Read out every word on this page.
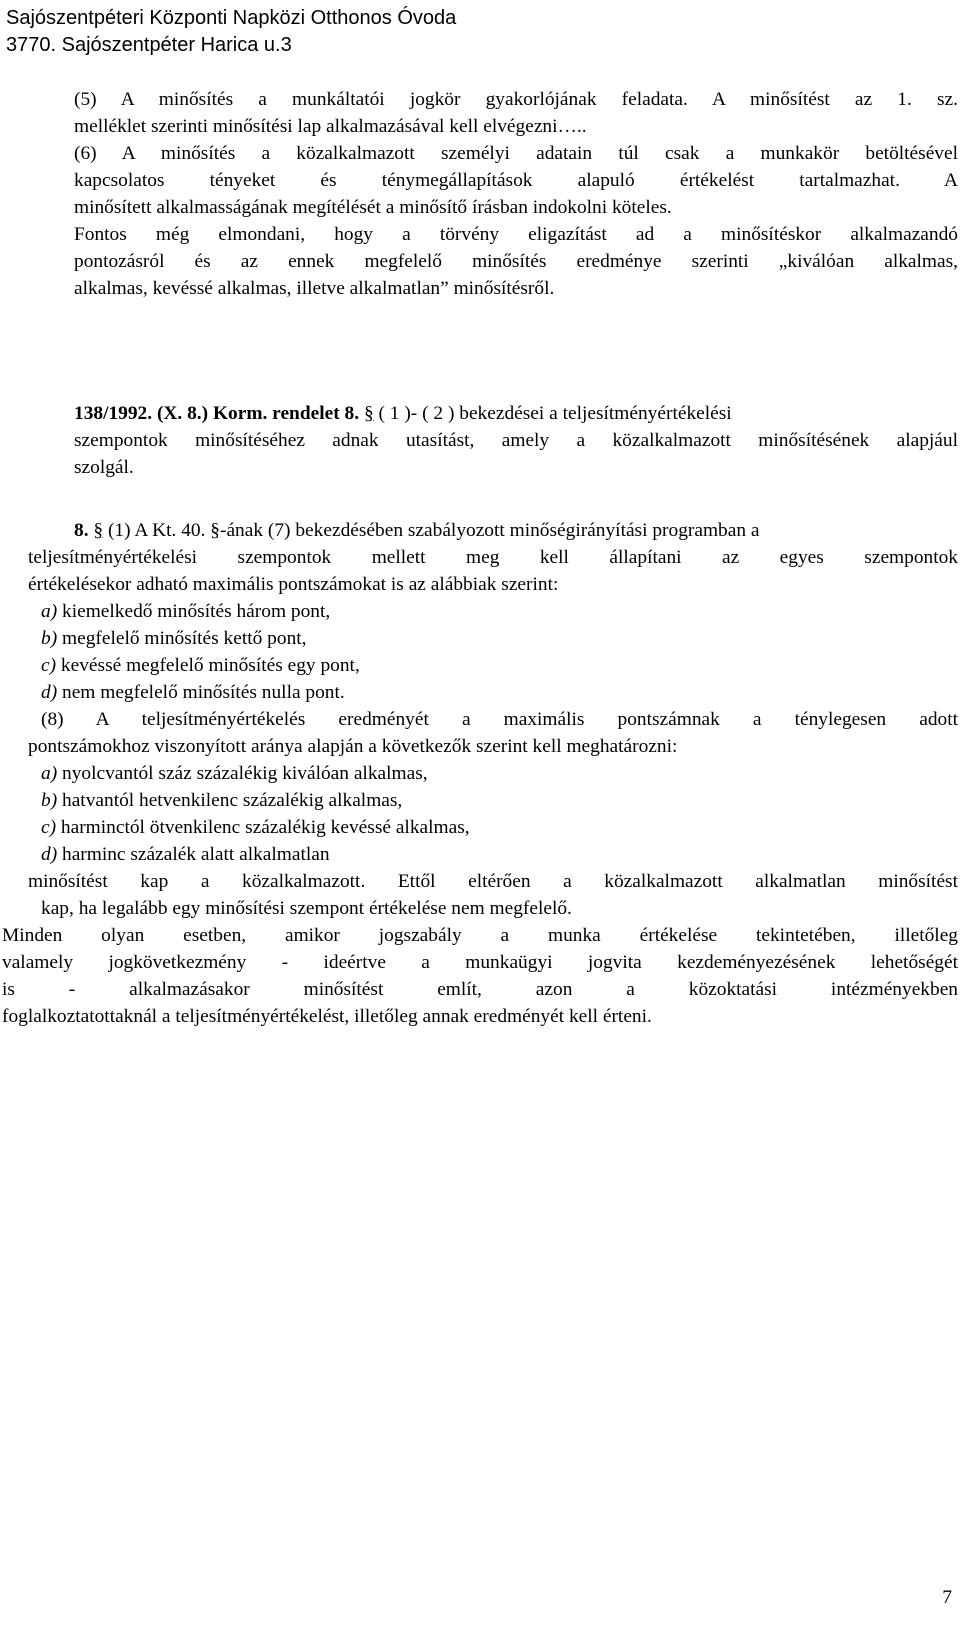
Sajószentpéteri Központi Napközi Otthonos Óvoda
3770. Sajószentpéter Harica u.3
(5) A minősítés a munkáltatói jogkör gyakorlójának feladata. A minősítést az 1. sz.
melléklet szerinti minősítési lap alkalmazásával kell elvégezni…..
(6) A minősítés a közalkalmazott személyi adatain túl csak a munkakör betöltésével
kapcsolatos tényeket és ténymegállapítások alapuló értékelést tartalmazhat. A
minősített alkalmasságának megítélését a minősítő írásban indokolni köteles.
Fontos még elmondani, hogy a törvény eligazítást ad a minősítéskor alkalmazandó
pontozásról és az ennek megfelelő minősítés eredménye szerinti „kiválóan alkalmas,
alkalmas, kevéssé alkalmas, illetve alkalmatlan” minősítésről.
138/1992. (X. 8.) Korm. rendelet 8. § ( 1 )- ( 2 ) bekezdései a teljesítményértékelési
szempontok minősítéséhez adnak utasítást, amely a közalkalmazott minősítésének alapjául
szolgál.
8. § (1) A Kt. 40. §-ának (7) bekezdésében szabályozott minőségirányítási programban a
teljesítményértékelési szempontok mellett meg kell állapítani az egyes szempontok
értékelésekor adható maximális pontszámokat is az alábbiak szerint:
a) kiemelkedő minősítés három pont,
b) megfelelő minősítés kettő pont,
c) kevéssé megfelelő minősítés egy pont,
d) nem megfelelő minősítés nulla pont.
(8) A teljesítményértékelés eredményét a maximális pontszámnak a ténylegesen adott
pontszámokhoz viszonyított aránya alapján a következők szerint kell meghatározni:
a) nyolcvantól száz százalékig kiválóan alkalmas,
b) hatvantól hetvenkilenc százalékig alkalmas,
c) harminctól ötvenkilenc százalékig kevéssé alkalmas,
d) harminc százalék alatt alkalmatlan
minősítést kap a közalkalmazott. Ettől eltérően a közalkalmazott alkalmatlan minősítést
kap, ha legalább egy minősítési szempont értékelése nem megfelelő.
Minden olyan esetben, amikor jogszabály a munka értékelése tekintetében, illetőleg
valamely jogkövetkezmény - ideértve a munkaügyi jogvita kezdeményezésének lehetőségét
is - alkalmazásakor minősítést említ, azon a közoktatási intézményekben
foglalkoztatottaknál a teljesítményértékelést, illetőleg annak eredményét kell érteni.
7
